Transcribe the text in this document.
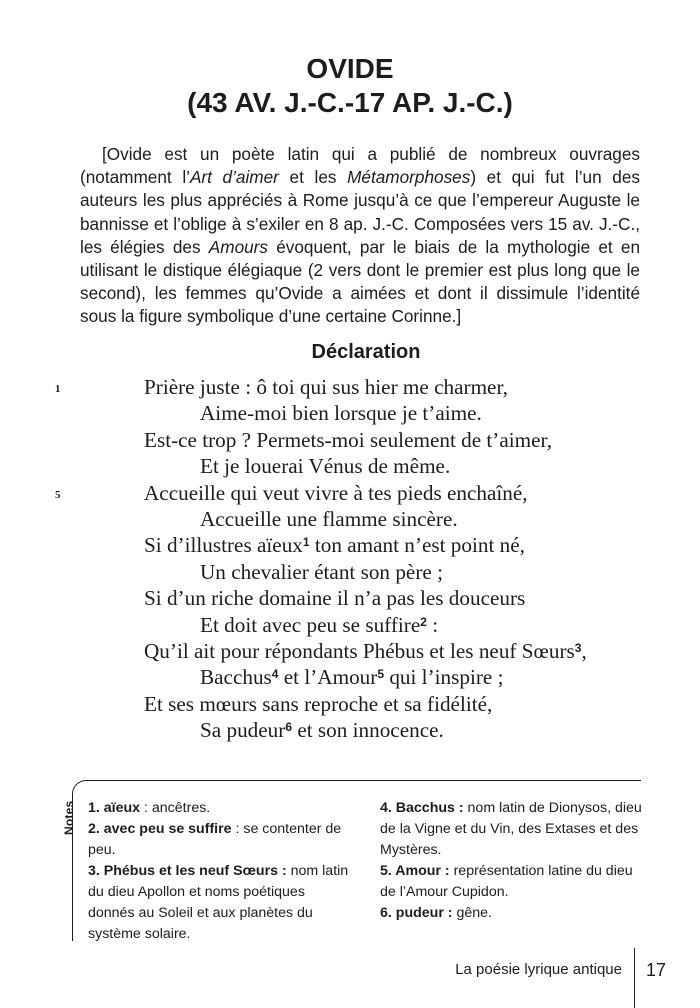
OVIDE
(43 AV. J.-C.-17 AP. J.-C.)
[Ovide est un poète latin qui a publié de nombreux ouvrages (notamment l’Art d’aimer et les Métamorphoses) et qui fut l’un des auteurs les plus appréciés à Rome jusqu’à ce que l’empereur Auguste le bannisse et l’oblige à s’exiler en 8 ap. J.-C. Composées vers 15 av. J.-C., les élégies des Amours évoquent, par le biais de la mythologie et en utilisant le distique élégiaque (2 vers dont le premier est plus long que le second), les femmes qu’Ovide a aimées et dont il dissimule l’identité sous la figure symbolique d’une certaine Corinne.]
Déclaration
1	Prière juste : ô toi qui sus hier me charmer,
Aime-moi bien lorsque je t’aime.
Est-ce trop ? Permets-moi seulement de t’aimer,
Et je louerai Vénus de même.
5	Accueille qui veut vivre à tes pieds enchaîné,
Accueille une flamme sincère.
Si d’illustres aïeux$^1$ ton amant n’est point né,
Un chevalier étant son père ;
Si d’un riche domaine il n’a pas les douceurs
Et doit avec peu se suffire$^2$ :
Qu’il ait pour répondants Phébus et les neuf Sœurs$^3$,
Bacchus$^4$ et l’Amour$^5$ qui l’inspire ;
Et ses mœurs sans reproche et sa fidélité,
Sa pudeur$^6$ et son innocence.
Notes 1. aïeux : ancêtres.

2. avec peu se suffire : se contenter de peu.

3. Phébus et les neuf Sœurs : nom latin du dieu Apollon et noms poétiques donnés au Soleil et aux planètes du système solaire.

4. Bacchus : nom latin de Dionysos, dieu de la Vigne et du Vin, des Extases et des Mystères.

5. Amour : représentation latine du dieu de l’Amour Cupidon.

6. pudeur : gêne.

La poésie lyrique antique 17
